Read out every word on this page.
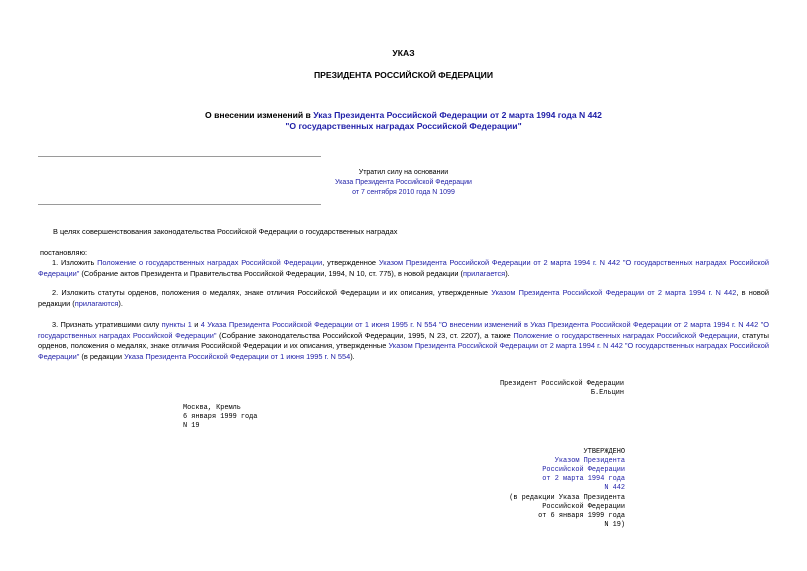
УКАЗ
ПРЕЗИДЕНТА РОССИЙСКОЙ ФЕДЕРАЦИИ
О внесении изменений в Указ Президента Российской Федерации от 2 марта 1994 года N 442 "О государственных наградах Российской Федерации"
Утратил силу на основании
Указа Президента Российской Федерации
от 7 сентября 2010 года N 1099
В целях совершенствования законодательства Российской Федерации о государственных наградах
постановляю:
1. Изложить Положение о государственных наградах Российской Федерации, утвержденное Указом Президента Российской Федерации от 2 марта 1994 г. N 442 "О государственных наградах Российской Федерации" (Собрание актов Президента и Правительства Российской Федерации, 1994, N 10, ст. 775), в новой редакции (прилагается).
2. Изложить статуты орденов, положения о медалях, знаке отличия Российской Федерации и их описания, утвержденные Указом Президента Российской Федерации от 2 марта 1994 г. N 442, в новой редакции (прилагаются).
3. Признать утратившими силу пункты 1 и 4 Указа Президента Российской Федерации от 1 июня 1995 г. N 554 "О внесении изменений в Указ Президента Российской Федерации от 2 марта 1994 г. N 442 "О государственных наградах Российской Федерации" (Собрание законодательства Российской Федерации, 1995, N 23, ст. 2207), а также Положение о государственных наградах Российской Федерации, статуты орденов, положения о медалях, знаке отличия Российской Федерации и их описания, утвержденные Указом Президента Российской Федерации от 2 марта 1994 г. N 442 "О государственных наградах Российской Федерации" (в редакции Указа Президента Российской Федерации от 1 июня 1995 г. N 554).
Президент Российской Федерации
Б.Ельцин
Москва, Кремль
6 января 1999 года
N 19
УТВЕРЖДЕНО
Указом Президента
Российской Федерации
от 2 марта 1994 года
N 442
(в редакции Указа Президента
Российской Федерации
от 6 января 1999 года
N 19)
